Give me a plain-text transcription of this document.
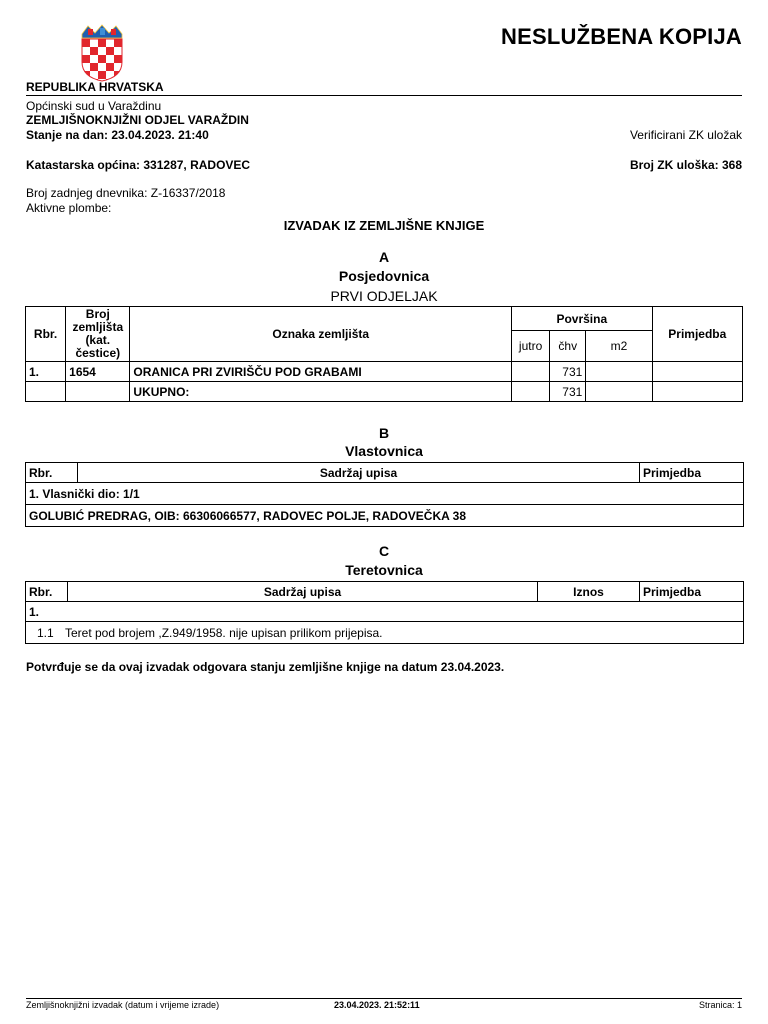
NESLUŽBENA KOPIJA
REPUBLIKA HRVATSKA
Općinski sud u Varaždinu
ZEMLJIŠNOKNJIŽNI ODJEL VARAŽDIN
Stanje na dan: 23.04.2023. 21:40	Verificirani ZK uložak
Katastarska općina: 331287, RADOVEC	Broj ZK uloška: 368
Broj zadnjeg dnevnika: Z-16337/2018
Aktivne plombe:
IZVADAK IZ ZEMLJIŠNE KNJIGE
A
Posjedovnica
PRVI ODJELJAK
Rbr.	Broj zemljišta (kat. čestice)	Oznaka zemljišta	Površina			Primjedba
			jutro	čhv	m2	
1.	1654	ORANICA PRI ZVIRIŠČU POD GRABAMI		731		
		UKUPNO:		731		
B
Vlastovnica
Rbr.	Sadržaj upisa	Primjedba
1. Vlasnički dio: 1/1
GOLUBIĆ PREDRAG, OIB: 66306066577, RADOVEC POLJE, RADOVEČKA 38
C
Teretovnica
Rbr.	Sadržaj upisa	Iznos	Primjedba
1.
1.1 Teret pod brojem ,Z.949/1958. nije upisan prilikom prijepisa.
Potvrđuje se da ovaj izvadak odgovara stanju zemljišne knjige na datum 23.04.2023.
Zemljišnoknjižni izvadak (datum i vrijeme izrade)	23.04.2023. 21:52:11	Stranica: 1
